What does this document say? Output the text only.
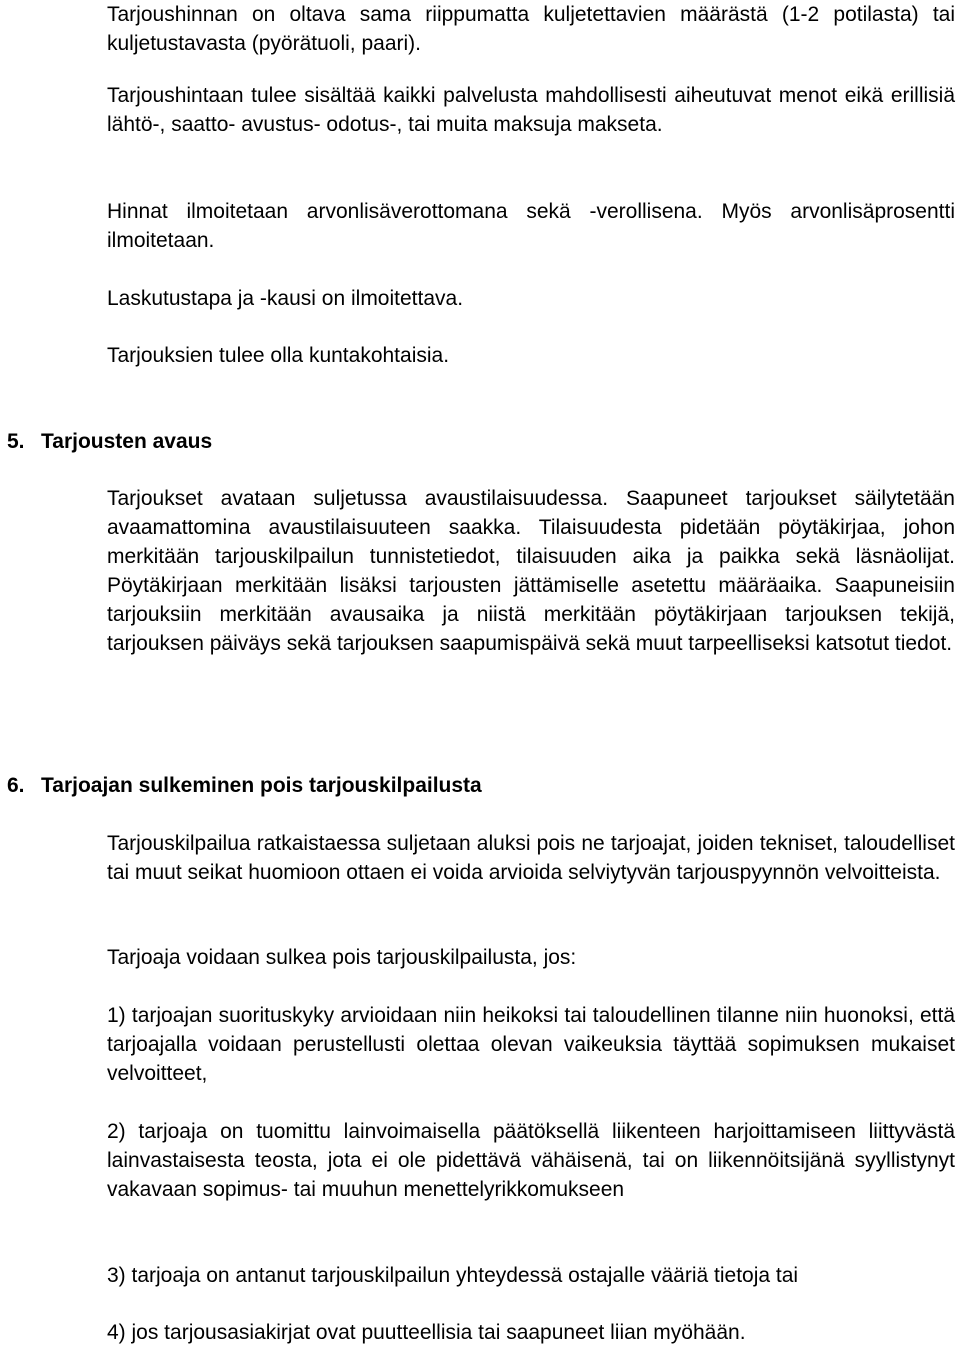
Tarjoushinnan on oltava sama riippumatta kuljetettavien määrästä (1-2 potilasta) tai kuljetustavasta (pyörätuoli, paari).

Tarjoushintaan tulee sisältää kaikki palvelusta mahdollisesti aiheutuvat menot eikä erillisiä lähtö-, saatto- avustus- odotus-, tai muita maksuja makseta.

Hinnat ilmoitetaan arvonlisäverottomana sekä -verollisena. Myös arvonlisäprosentti ilmoitetaan.

Laskutustapa ja -kausi on ilmoitettava.

Tarjouksien tulee olla kuntakohtaisia.

5. Tarjousten avaus

Tarjoukset avataan suljetussa avaustilaisuudessa. Saapuneet tarjoukset säilytetään avaamattomina avaustilaisuuteen saakka. Tilaisuudesta pidetään pöytäkirjaa, johon merkitään tarjouskilpailun tunnistetiedot, tilaisuuden aika ja paikka sekä läsnäolijat. Pöytäkirjaan merkitään lisäksi tarjousten jättämiselle asetettu määräaika. Saapuneisiin tarjouksiin merkitään avausaika ja niistä merkitään pöytäkirjaan tarjouksen tekijä, tarjouksen päiväys sekä tarjouksen saapumispäivä sekä muut tarpeelliseksi katsotut tiedot.

6. Tarjoajan sulkeminen pois tarjouskilpailusta

Tarjouskilpailua ratkaistaessa suljetaan aluksi pois ne tarjoajat, joiden tekniset, taloudelliset tai muut seikat huomioon ottaen ei voida arvioida selviytyvän tarjouspyynnön velvoitteista.

Tarjoaja voidaan sulkea pois tarjouskilpailusta, jos:

1) tarjoajan suorituskyky arvioidaan niin heikoksi tai taloudellinen tilanne niin huonoksi, että tarjoajalla voidaan perustellusti olettaa olevan vaikeuksia täyttää sopimuksen mukaiset velvoitteet,

2) tarjoaja on tuomittu lainvoimaisella päätöksellä liikenteen harjoittamiseen liittyvästä lainvastaisesta teosta, jota ei ole pidettävä vähäisenä, tai on liikennöitsijänä syyllistynyt vakavaan sopimus- tai muuhun menettelyrikkomukseen

3) tarjoaja on antanut tarjouskilpailun yhteydessä ostajalle vääriä tietoja tai

4) jos tarjousasiakirjat ovat puutteellisia tai saapuneet liian myöhään.
